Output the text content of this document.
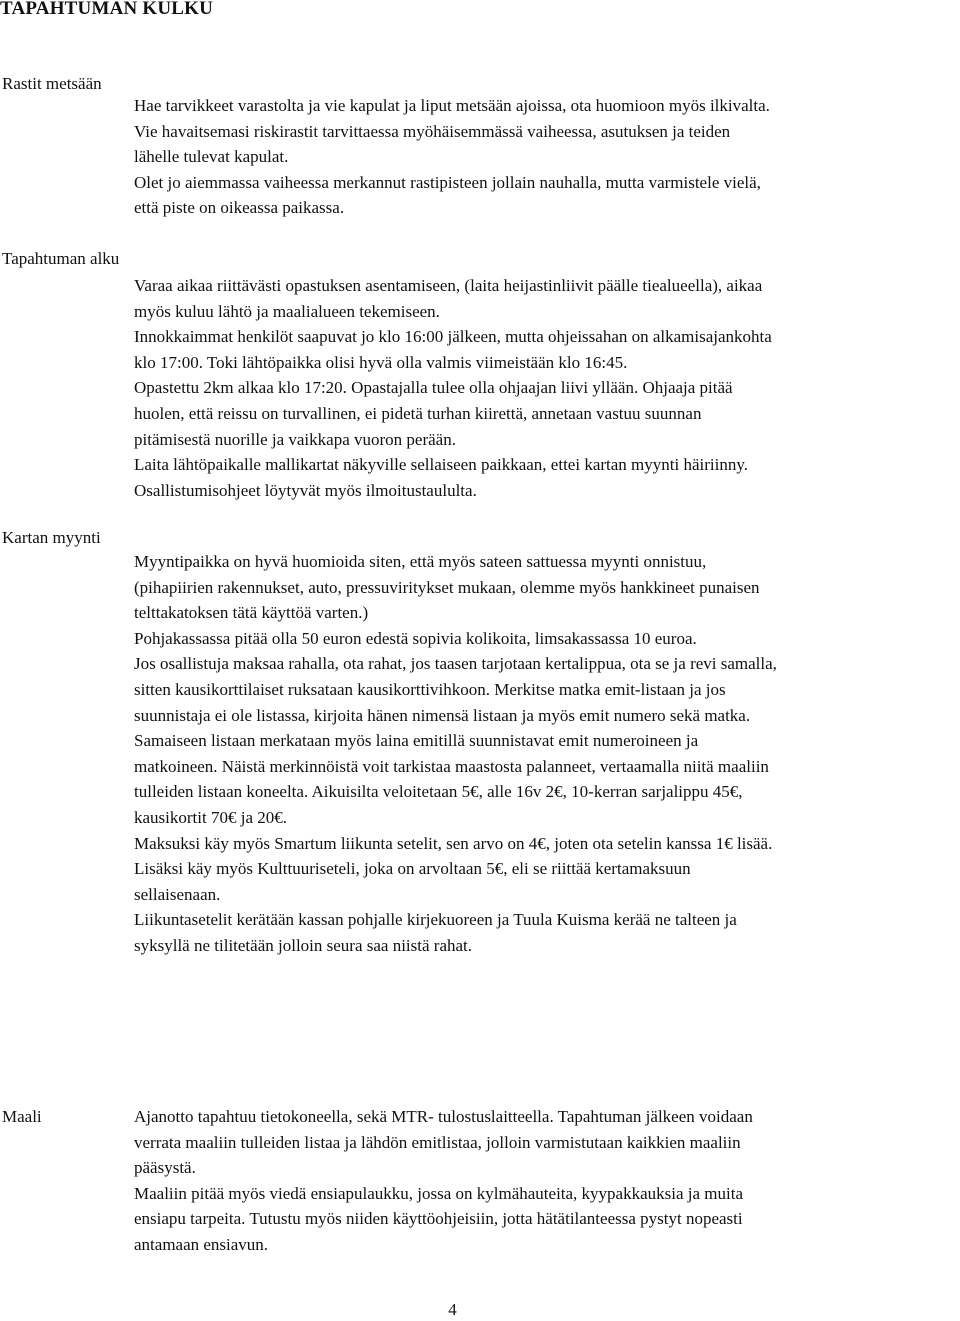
TAPAHTUMAN KULKU
Rastit metsään

Hae tarvikkeet varastolta ja vie kapulat ja liput metsään ajoissa, ota huomioon myös ilkivalta.

Vie havaitsemasi riskirastit tarvittaessa myöhäisemmässä vaiheessa, asutuksen ja teiden

lähelle tulevat kapulat.

Olet jo aiemmassa vaiheessa merkannut rastipisteen jollain nauhalla, mutta varmistele vielä,

että piste on oikeassa paikassa.

Tapahtuman alku

Varaa aikaa riittävästi opastuksen asentamiseen, (laita heijastinliivit päälle tiealueella), aikaa

myös kuluu lähtö ja maalialueen tekemiseen.

Innokkaimmat henkilöt saapuvat jo klo 16:00 jälkeen, mutta ohjeissahan on alkamisajankohta

klo 17:00. Toki lähtöpaikka olisi hyvä olla valmis viimeistään klo 16:45.

Opastettu 2km alkaa klo 17:20. Opastajalla tulee olla ohjaajan liivi yllään. Ohjaaja pitää

huolen, että reissu on turvallinen, ei pidetä turhan kiirettä, annetaan vastuu suunnan

pitämisestä nuorille ja vaikkapa vuoron perään.

Laita lähtöpaikalle mallikartat näkyville sellaiseen paikkaan, ettei kartan myynti häiriinny.

Osallistumisohjeet löytyvät myös ilmoitustaululta.

Kartan myynti

Myyntipaikka on hyvä huomioida siten, että myös sateen sattuessa myynti onnistuu,

(pihapiirien rakennukset, auto, pressuviritykset mukaan, olemme myös hankkineet punaisen

telttakatoksen tätä käyttöä varten.)

Pohjakassassa pitää olla 50 euron edestä sopivia kolikoita, limsakassassa 10 euroa.

Jos osallistuja maksaa rahalla, ota rahat, jos taasen tarjotaan kertalippua, ota se ja revi samalla,

sitten kausikorttilaiset ruksataan kausikorttivihkoon. Merkitse matka emit-listaan ja jos

suunnistaja ei ole listassa, kirjoita hänen nimensä listaan ja myös emit numero sekä matka.

Samaiseen listaan merkataan myös laina emitillä suunnistavat emit numeroineen ja

matkoineen. Näistä merkinnöistä voit tarkistaa maastosta palanneet, vertaamalla niitä maaliin

tulleiden listaan koneelta. Aikuisilta veloitetaan 5€, alle 16v 2€, 10-kerran sarjalippu 45€,

kausikortit 70€ ja 20€.

Maksuksi käy myös Smartum liikunta setelit, sen arvo on 4€, joten ota setelin kanssa 1€ lisää.

Lisäksi käy myös Kulttuuriseteli, joka on arvoltaan 5€, eli se riittää kertamaksuun

sellaisenaan.

Liikuntasetelit kerätään kassan pohjalle kirjekuoreen ja Tuula Kuisma kerää ne talteen ja

syksyllä ne tilitetään jolloin seura saa niistä rahat.

Maali	Ajanotto tapahtuu tietokoneella, sekä MTR- tulostuslaitteella. Tapahtuman jälkeen voidaan

verrata maaliin tulleiden listaa ja lähdön emitlistaa, jolloin varmistutaan kaikkien maaliin

pääsystä.

Maaliin pitää myös viedä ensiapulaukku, jossa on kylmähauteita, kyypakkauksia ja muita

ensiapu tarpeita. Tutustu myös niiden käyttöohjeisiin, jotta hätätilanteessa pystyt nopeasti

antamaan ensiavun.

4
